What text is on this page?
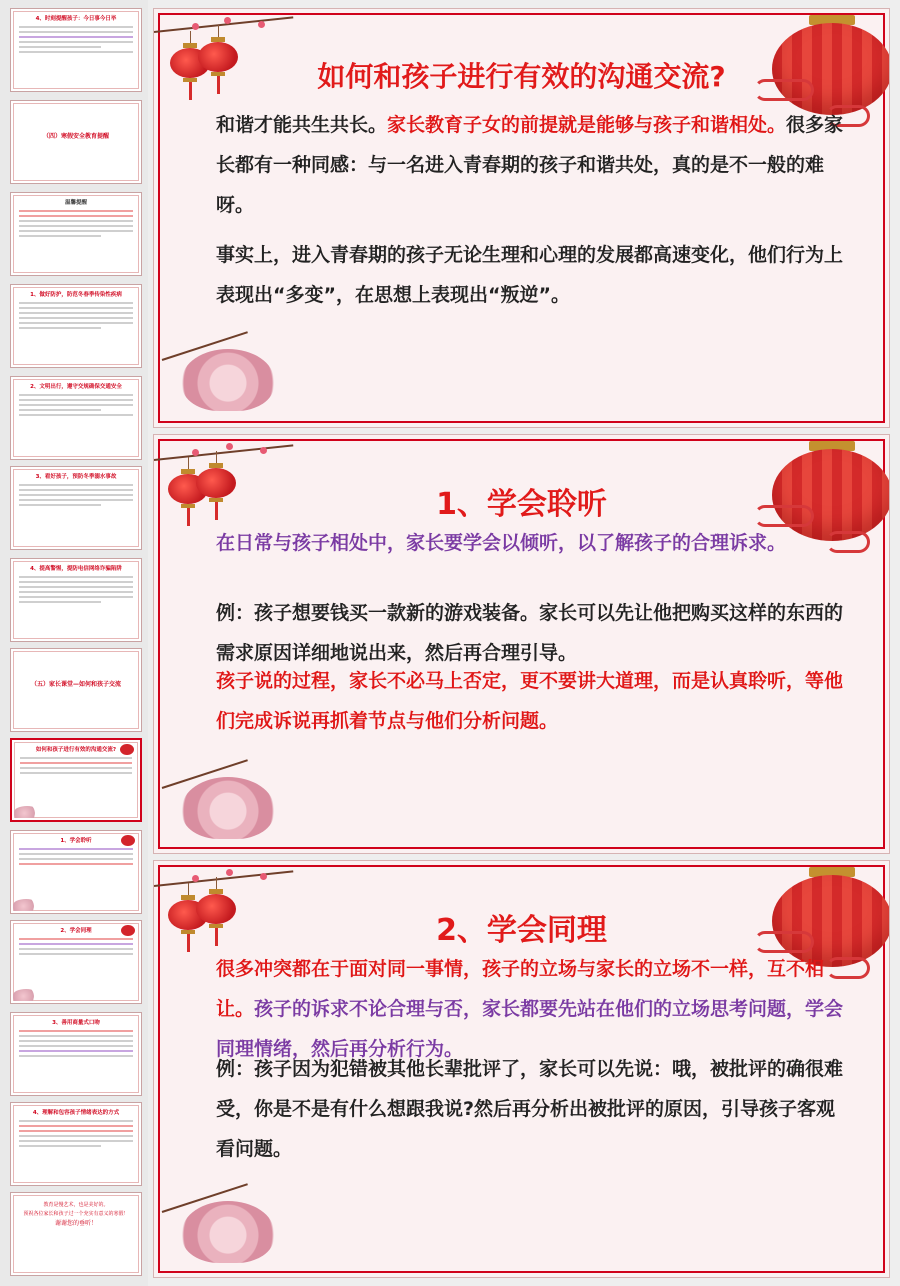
4、时刻提醒孩子：今日事今日毕
（四）寒假安全教育提醒
温馨提醒
1、做好防护，防范冬春季传染性疾病
2、文明出行，遵守交规确保交通安全
3、看好孩子，预防冬季溺水事故
4、提高警惕，提防电信网络诈骗陷阱
（五）家长课堂—如何和孩子交流
如何和孩子进行有效的沟通交流?
1、学会聆听
2、学会同理
3、善用商量式口吻
4、理解和包容孩子情绪表达的方式
教育是慢艺术，也是美好的。
预祝各位家长和孩子过一个充实有意义的寒假！
谢谢您的垂听！
如何和孩子进行有效的沟通交流?

和谐才能共生共长。家长教育子女的前提就是能够与孩子和谐相处。很多家长都有一种同感：与一名进入青春期的孩子和谐共处，真的是不一般的难呀。

事实上，进入青春期的孩子无论生理和心理的发展都高速变化，他们行为上表现出“多变”，在思想上表现出“叛逆”。

1、学会聆听

在日常与孩子相处中，家长要学会以倾听，以了解孩子的合理诉求。

例：孩子想要钱买一款新的游戏装备。家长可以先让他把购买这样的东西的需求原因详细地说出来，然后再合理引导。

孩子说的过程，家长不必马上否定，更不要讲大道理，而是认真聆听，等他们完成诉说再抓着节点与他们分析问题。

2、学会同理

很多冲突都在于面对同一事情，孩子的立场与家长的立场不一样，互不相让。孩子的诉求不论合理与否，家长都要先站在他们的立场思考问题，学会同理情绪，然后再分析行为。

例：孩子因为犯错被其他长辈批评了，家长可以先说：哦，被批评的确很难受，你是不是有什么想跟我说?然后再分析出被批评的原因，引导孩子客观看问题。
